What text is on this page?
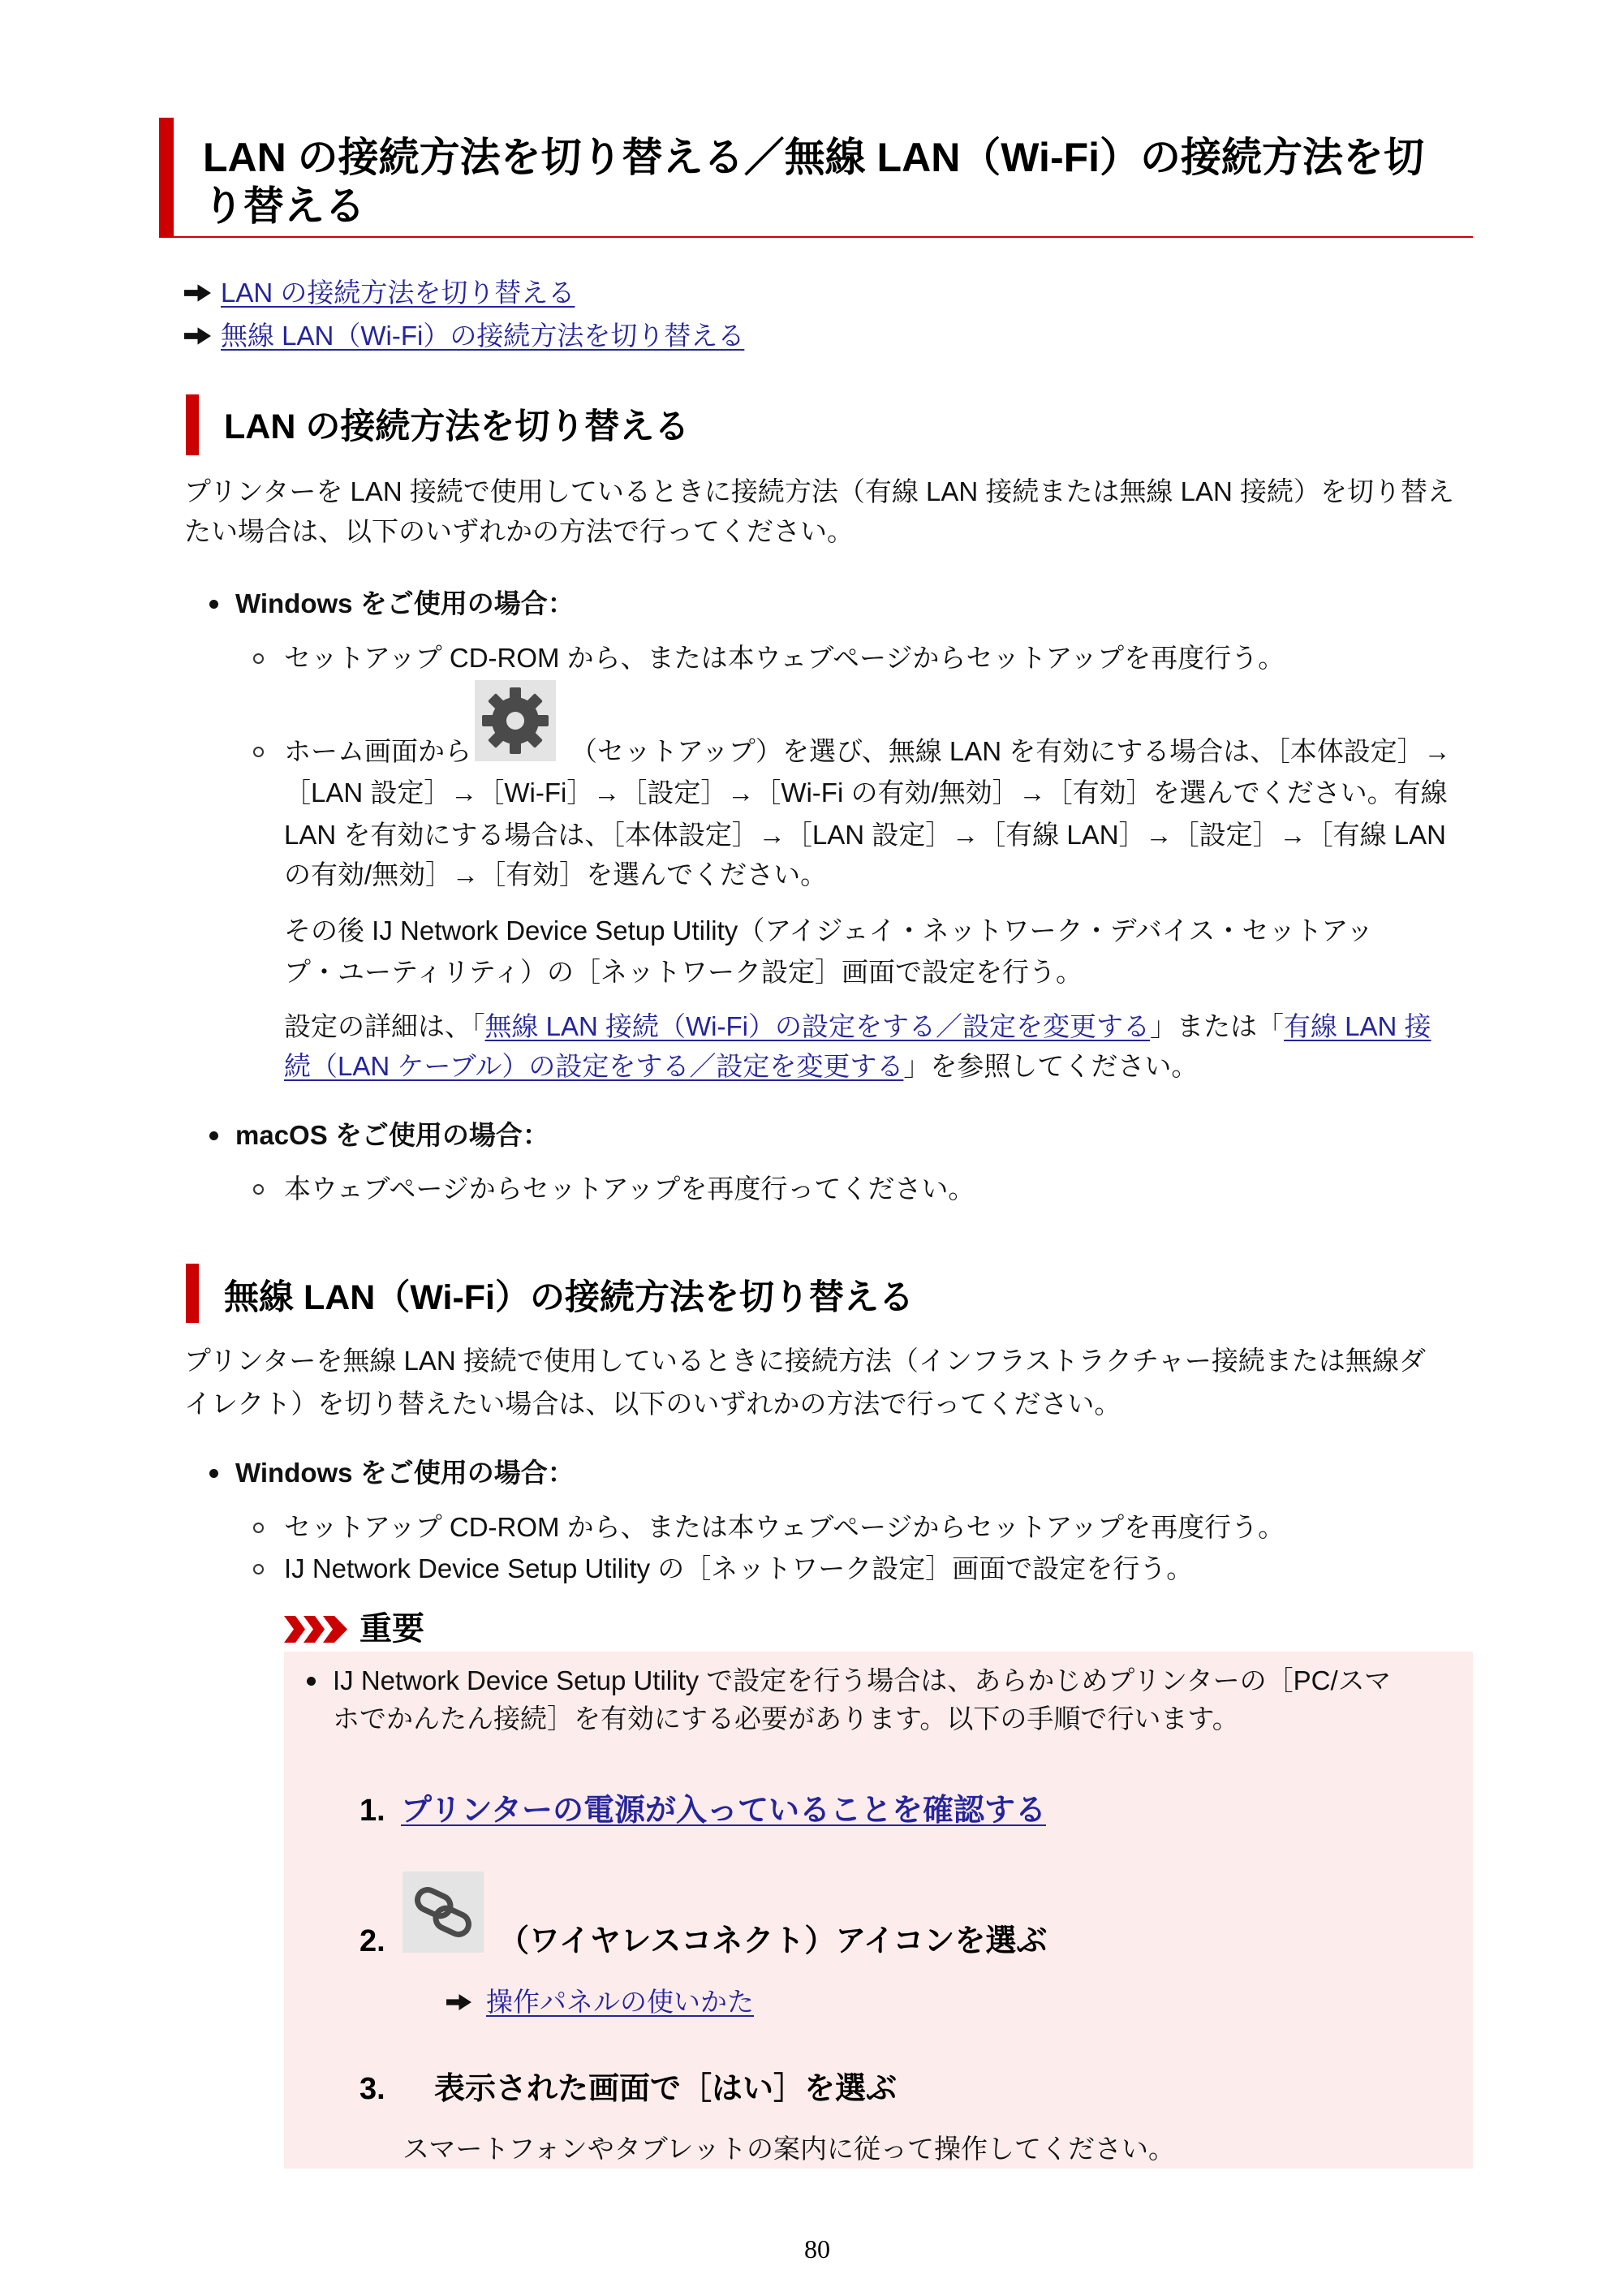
LAN の接続方法を切り替える／無線 LAN（Wi-Fi）の接続方法を切
り替える
LAN の接続方法を切り替える
無線 LAN（Wi-Fi）の接続方法を切り替える
LAN の接続方法を切り替える
プリンターを LAN 接続で使用しているときに接続方法（有線 LAN 接続または無線 LAN 接続）を切り替え
たい場合は、以下のいずれかの方法で行ってください。
Windows をご使用の場合：
セットアップ CD-ROM から、または本ウェブページからセットアップを再度行う。
ホーム画面から	（セットアップ）を選び、無線 LAN を有効にする場合は、［本体設定］→
［LAN 設定］→［Wi-Fi］→［設定］→［Wi-Fi の有効/無効］→［有効］を選んでください。有線
LAN を有効にする場合は、［本体設定］→［LAN 設定］→［有線 LAN］→［設定］→［有線 LAN
の有効/無効］→［有効］を選んでください。
その後 IJ Network Device Setup Utility（アイジェイ・ネットワーク・デバイス・セットアッ
プ・ユーティリティ）の［ネットワーク設定］画面で設定を行う。
設定の詳細は、「無線 LAN 接続（Wi-Fi）の設定をする／設定を変更する」または「有線 LAN 接
続（LAN ケーブル）の設定をする／設定を変更する」を参照してください。
macOS をご使用の場合：
本ウェブページからセットアップを再度行ってください。
無線 LAN（Wi-Fi）の接続方法を切り替える
プリンターを無線 LAN 接続で使用しているときに接続方法（インフラストラクチャー接続または無線ダ
イレクト）を切り替えたい場合は、以下のいずれかの方法で行ってください。
Windows をご使用の場合：
セットアップ CD-ROM から、または本ウェブページからセットアップを再度行う。
IJ Network Device Setup Utility の［ネットワーク設定］画面で設定を行う。
重要
IJ Network Device Setup Utility で設定を行う場合は、あらかじめプリンターの［PC/スマ
ホでかんたん接続］を有効にする必要があります。以下の手順で行います。
1. プリンターの電源が入っていることを確認する
2.	（ワイヤレスコネクト）アイコンを選ぶ
操作パネルの使いかた
3. 表示された画面で［はい］を選ぶ
スマートフォンやタブレットの案内に従って操作してください。
80
